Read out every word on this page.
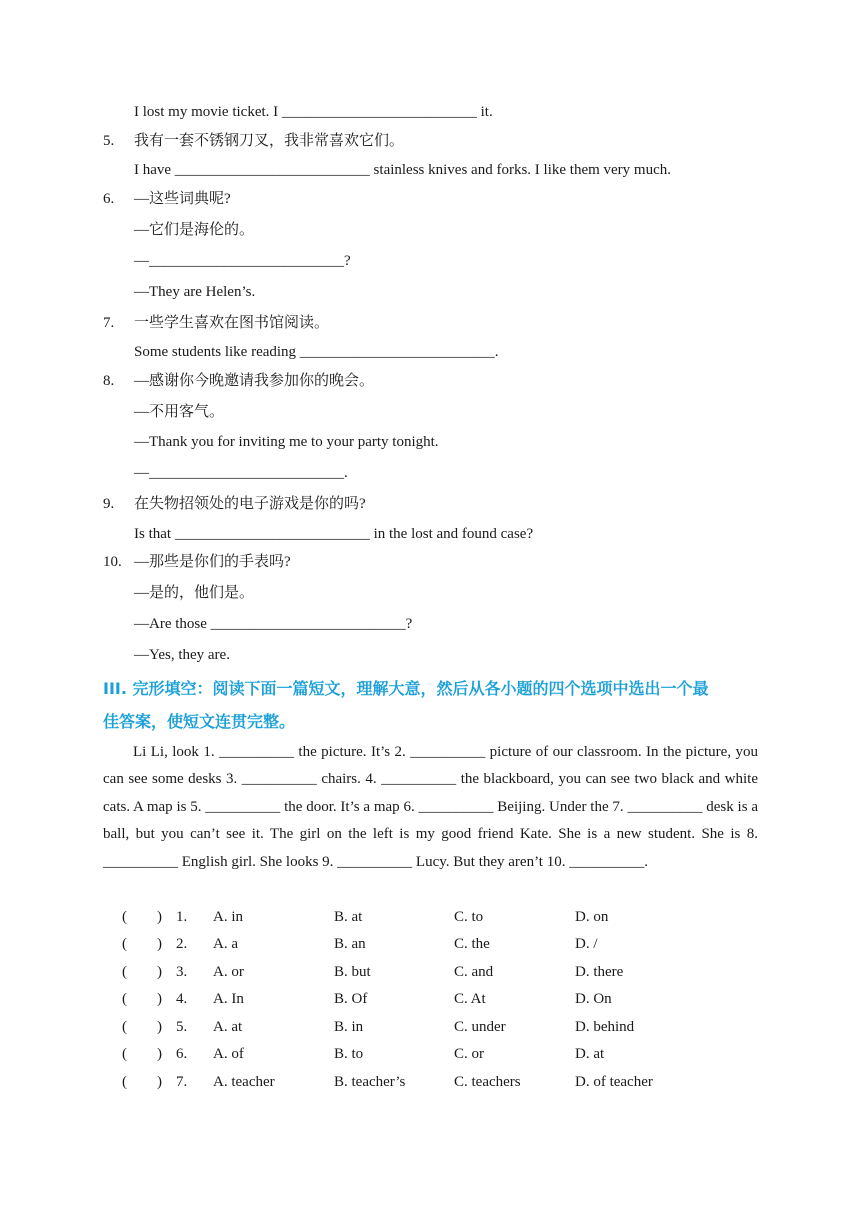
I lost my movie ticket. I __________________________ it.
5. 我有一套不锈钢刀叉，我非常喜欢它们。
I have __________________________ stainless knives and forks. I like them very much.
6. —这些词典呢?
—它们是海伦的。
—__________________________?
—They are Helen’s.
7. 一些学生喜欢在图书馆阅读。
Some students like reading __________________________.
8. —感谢你今晚邀请我参加你的晚会。
—不用客气。
—Thank you for inviting me to your party tonight.
—__________________________.
9. 在失物招领处的电子游戏是你的吗?
Is that __________________________ in the lost and found case?
10. —那些是你们的手表吗?
—是的，他们是。
—Are those __________________________?
—Yes, they are.
III. 完形填空：阅读下面一篇短文，理解大意，然后从各小题的四个选项中选出一个最
佳答案，使短文连贯完整。
Li Li, look 1. __________ the picture. It’s 2. __________ picture of our classroom. In the picture, you can see some desks 3. __________ chairs. 4. __________ the blackboard, you can see two black and white cats. A map is 5. __________ the door. It’s a map 6. __________ Beijing. Under the 7. __________ desk is a ball, but you can’t see it. The girl on the left is my good friend Kate. She is a new student. She is 8. __________ English girl. She looks 9. __________ Lucy. But they aren’t 10. __________.
(        ) 1. A. in	B. at	C. to	D. on
(        ) 2. A. a	B. an	C. the	D. /
(        ) 3. A. or	B. but	C. and	D. there
(        ) 4. A. In	B. Of	C. At	D. On
(        ) 5. A. at	B. in	C. under	D. behind
(        ) 6. A. of	B. to	C. or	D. at
(        ) 7. A. teacher	B. teacher’s	C. teachers	D. of teacher
